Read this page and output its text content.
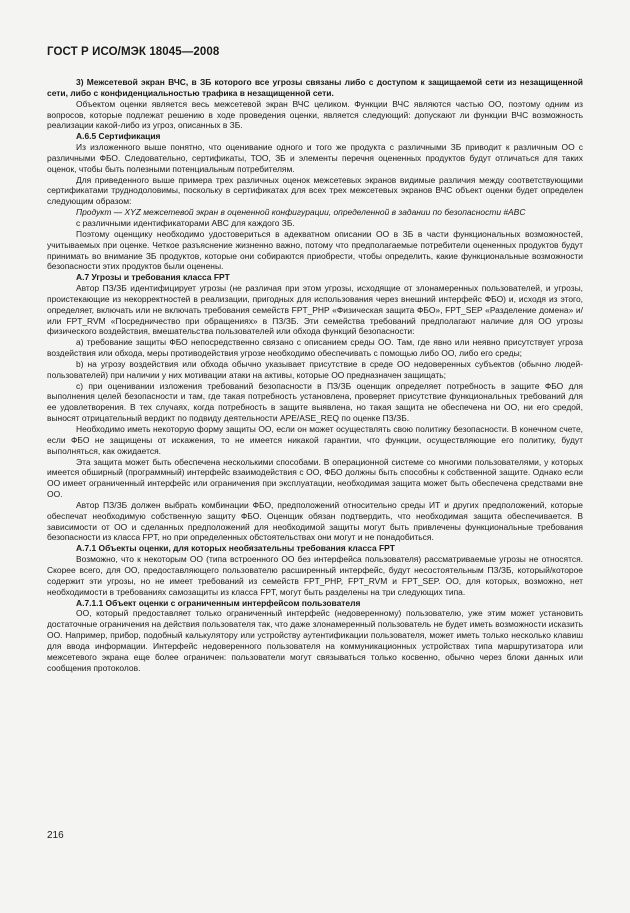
ГОСТ Р ИСО/МЭК 18045—2008

3) Межсетевой экран ВЧС, в ЗБ которого все угрозы связаны либо с доступом к защищаемой сети из незащищенной сети, либо с конфиденциальностью трафика в незащищенной сети.

Объектом оценки является весь межсетевой экран ВЧС целиком. Функции ВЧС являются частью ОО, поэтому одним из вопросов, которые подлежат решению в ходе проведения оценки, является следующий: допускают ли функции ВЧС возможность реализации какой-либо из угроз, описанных в ЗБ.

А.6.5 Сертификация

Из изложенного выше понятно, что оценивание одного и того же продукта с различными ЗБ приводит к различным ОО с различными ФБО. Следовательно, сертификаты, ТОО, ЗБ и элементы перечня оцененных продуктов будут отличаться для таких оценок, чтобы быть полезными потенциальным потребителям.

Для приведенного выше примера трех различных оценок межсетевых экранов видимые различия между соответствующими сертификатами труднодоловимы, поскольку в сертификатах для всех трех межсетевых экранов ВЧС объект оценки будет определен следующим образом:

Продукт — XYZ межсетевой экран в оцененной конфигурации, определенной в задании по безопасности #ABC

с различными идентификаторами ABC для каждого ЗБ.

Поэтому оценщику необходимо удостовериться в адекватном описании ОО в ЗБ в части функциональных возможностей, учитываемых при оценке. Четкое разъяснение жизненно важно, потому что предполагаемые потребители оцененных продуктов будут принимать во внимание ЗБ продуктов, которые они собираются приобрести, чтобы определить, какие функциональные возможности безопасности этих продуктов были оценены.

А.7 Угрозы и требования класса FPT

Автор ПЗ/ЗБ идентифицирует угрозы (не различая при этом угрозы, исходящие от злонамеренных пользователей, и угрозы, проистекающие из некорректностей в реализации, пригодных для использования через внешний интерфейс ФБО) и, исходя из этого, определяет, включать или не включать требования семейств FPT_PHP «Физическая защита ФБО», FPT_SEP «Разделение домена» и/или FPT_RVM «Посредничество при обращениях» в ПЗ/ЗБ. Эти семейства требований предполагают наличие для ОО угрозы физического воздействия, вмешательства пользователей или обхода функций безопасности:

а) требование защиты ФБО непосредственно связано с описанием среды ОО. Там, где явно или неявно присутствует угроза воздействия или обхода, меры противодействия угрозе необходимо обеспечивать с помощью либо ОО, либо его среды;

b) на угрозу воздействия или обхода обычно указывает присутствие в среде ОО недоверенных субъектов (обычно людей-пользователей) при наличии у них мотивации атаки на активы, которые ОО предназначен защищать;

с) при оценивании изложения требований безопасности в ПЗ/ЗБ оценщик определяет потребность в защите ФБО для выполнения целей безопасности и там, где такая потребность установлена, проверяет присутствие функциональных требований для ее удовлетворения. В тех случаях, когда потребность в защите выявлена, но такая защита не обеспечена ни ОО, ни его средой, выносят отрицательный вердикт по подвиду деятельности APE/ASE_REQ по оценке ПЗ/ЗБ.

Необходимо иметь некоторую форму защиты ОО, если он может осуществлять свою политику безопасности. В конечном счете, если ФБО не защищены от искажения, то не имеется никакой гарантии, что функции, осуществляющие его политику, будут выполняться, как ожидается.

Эта защита может быть обеспечена несколькими способами. В операционной системе со многими пользователями, у которых имеется обширный (программный) интерфейс взаимодействия с ОО, ФБО должны быть способны к собственной защите. Однако если ОО имеет ограниченный интерфейс или ограничения при эксплуатации, необходимая защита может быть обеспечена средствами вне ОО.

Автор ПЗ/ЗБ должен выбрать комбинации ФБО, предположений относительно среды ИТ и других предположений, которые обеспечат необходимую собственную защиту ФБО. Оценщик обязан подтвердить, что необходимая защита обеспечивается. В зависимости от ОО и сделанных предположений для необходимой защиты могут быть привлечены функциональные требования безопасности из класса FPT, но при определенных обстоятельствах они могут и не понадобиться.

А.7.1 Объекты оценки, для которых необязательны требования класса FPT

Возможно, что к некоторым ОО (типа встроенного ОО без интерфейса пользователя) рассматриваемые угрозы не относятся. Скорее всего, для ОО, предоставляющего пользователю расширенный интерфейс, будут несостоятельным ПЗ/ЗБ, который/которое содержит эти угрозы, но не имеет требований из семейств FPT_PHP, FPT_RVM и FPT_SEP. ОО, для которых, возможно, нет необходимости в требованиях самозащиты из класса FPT, могут быть разделены на три следующих типа.

А.7.1.1 Объект оценки с ограниченным интерфейсом пользователя

ОО, который предоставляет только ограниченный интерфейс (недоверенному) пользователю, уже этим может установить достаточные ограничения на действия пользователя так, что даже злонамеренный пользователь не будет иметь возможности исказить ОО. Например, прибор, подобный калькулятору или устройству аутентификации пользователя, может иметь только несколько клавиш для ввода информации. Интерфейс недоверенного пользователя на коммуникационных устройствах типа маршрутизатора или межсетевого экрана еще более ограничен: пользователи могут связываться только косвенно, обычно через блоки данных или сообщения протоколов.

216
